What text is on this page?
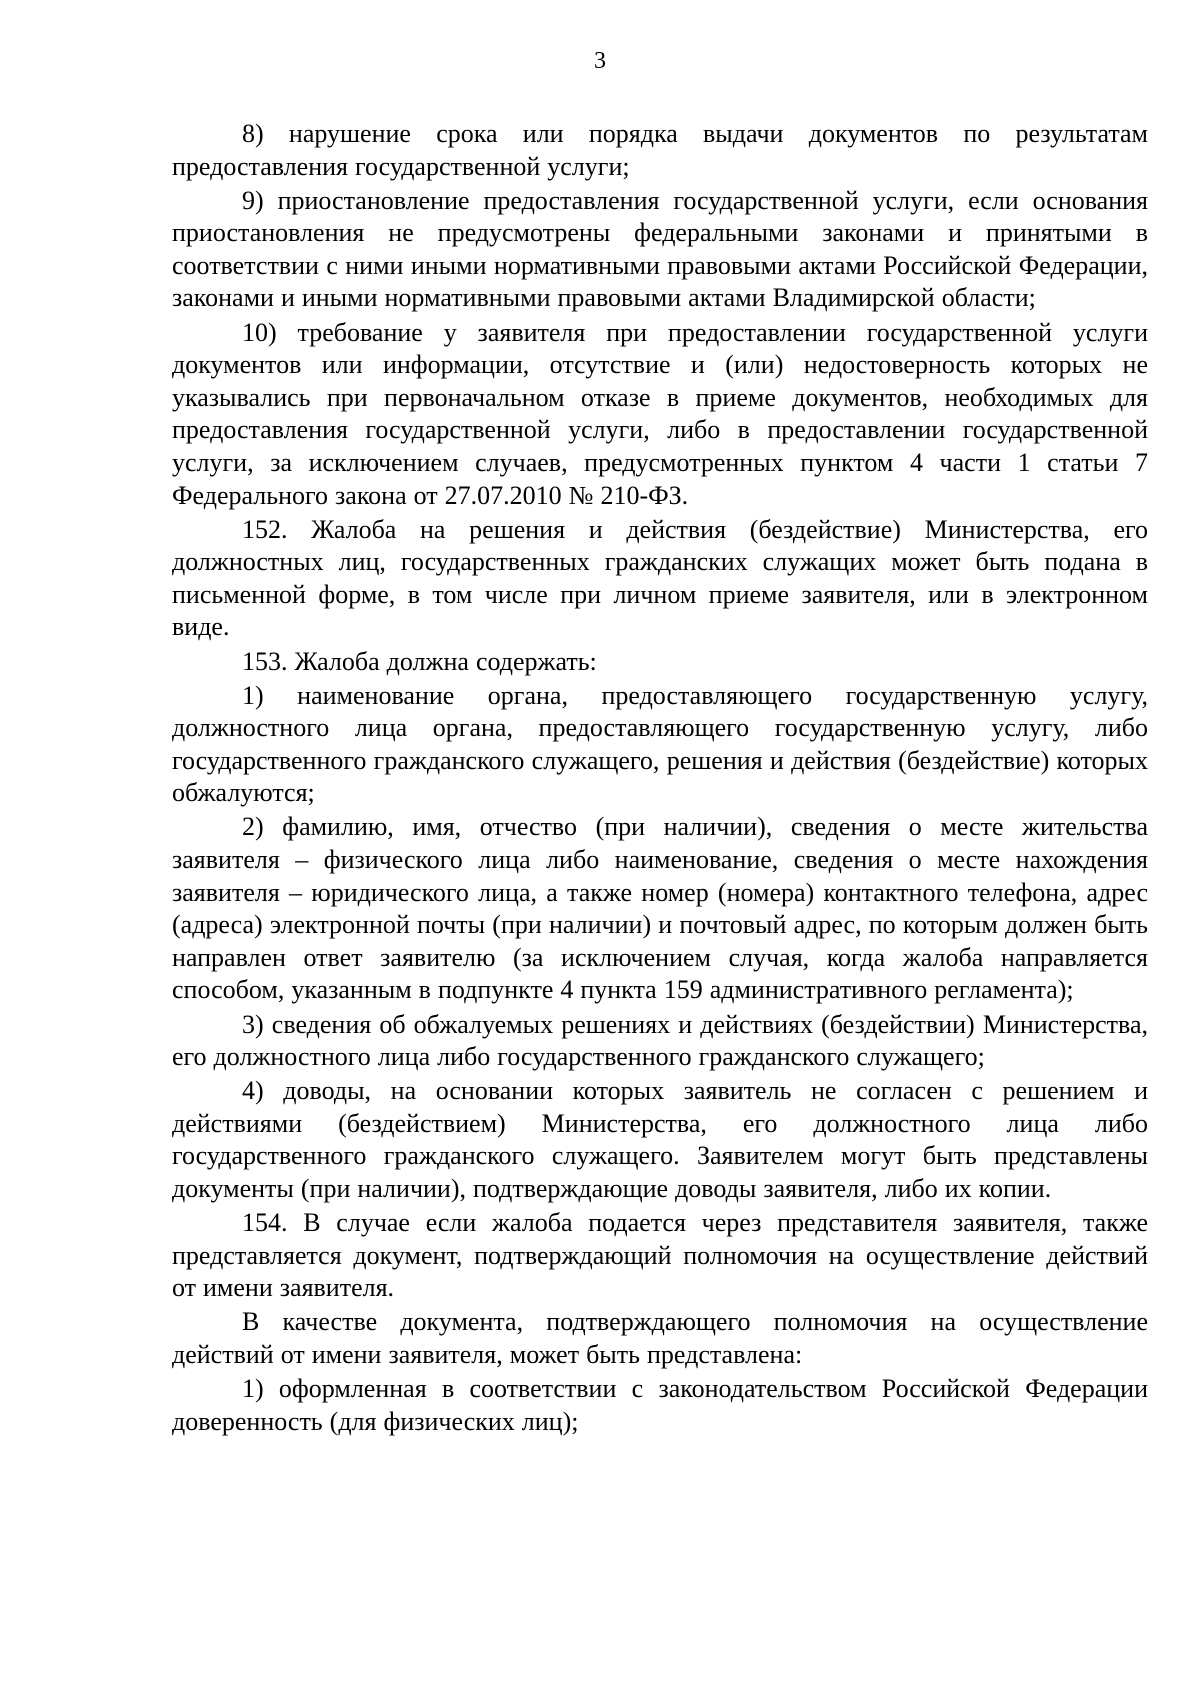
3

8) нарушение срока или порядка выдачи документов по результатам предоставления государственной услуги;

9) приостановление предоставления государственной услуги, если основания приостановления не предусмотрены федеральными законами и принятыми в соответствии с ними иными нормативными правовыми актами Российской Федерации, законами и иными нормативными правовыми актами Владимирской области;

10) требование у заявителя при предоставлении государственной услуги документов или информации, отсутствие и (или) недостоверность которых не указывались при первоначальном отказе в приеме документов, необходимых для предоставления государственной услуги, либо в предоставлении государственной услуги, за исключением случаев, предусмотренных пунктом 4 части 1 статьи 7 Федерального закона от 27.07.2010 № 210-ФЗ.

152. Жалоба на решения и действия (бездействие) Министерства, его должностных лиц, государственных гражданских служащих может быть подана в письменной форме, в том числе при личном приеме заявителя, или в электронном виде.

153. Жалоба должна содержать:

1) наименование органа, предоставляющего государственную услугу, должностного лица органа, предоставляющего государственную услугу, либо государственного гражданского служащего, решения и действия (бездействие) которых обжалуются;

2) фамилию, имя, отчество (при наличии), сведения о месте жительства заявителя – физического лица либо наименование, сведения о месте нахождения заявителя – юридического лица, а также номер (номера) контактного телефона, адрес (адреса) электронной почты (при наличии) и почтовый адрес, по которым должен быть направлен ответ заявителю (за исключением случая, когда жалоба направляется способом, указанным в подпункте 4 пункта 159 административного регламента);

3) сведения об обжалуемых решениях и действиях (бездействии) Министерства, его должностного лица либо государственного гражданского служащего;

4) доводы, на основании которых заявитель не согласен с решением и действиями (бездействием) Министерства, его должностного лица либо государственного гражданского служащего. Заявителем могут быть представлены документы (при наличии), подтверждающие доводы заявителя, либо их копии.

154. В случае если жалоба подается через представителя заявителя, также представляется документ, подтверждающий полномочия на осуществление действий от имени заявителя.

В качестве документа, подтверждающего полномочия на осуществление действий от имени заявителя, может быть представлена:

1) оформленная в соответствии с законодательством Российской Федерации доверенность (для физических лиц);
